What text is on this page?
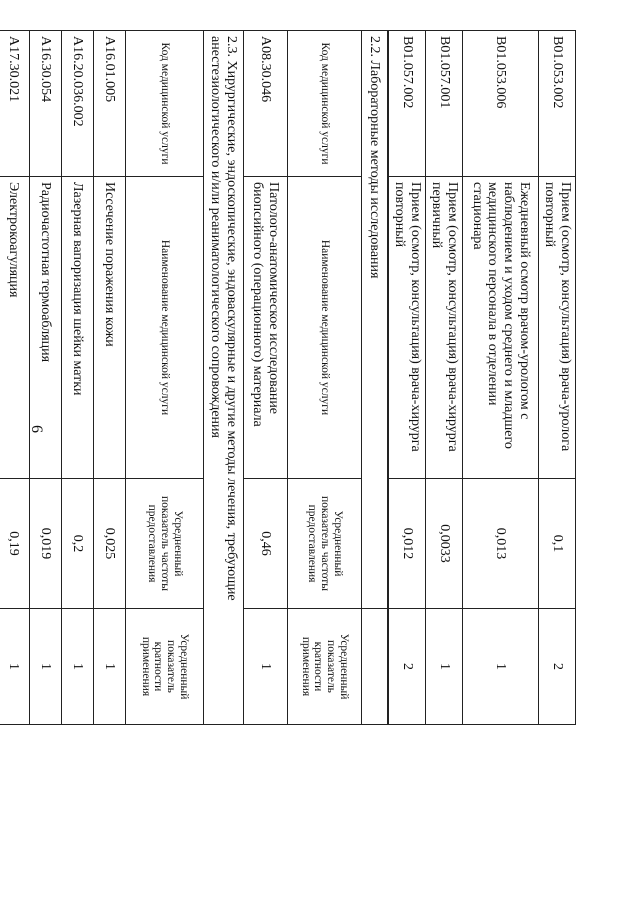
6
B01.053.002	Прием (осмотр, консультация) врача-уролога повторный	0,1	2
B01.053.006	Ежедневный осмотр врачом-урологом с наблюдением и уходом среднего и младшего медицинского персонала в отделении стационара	0,013	1
B01.057.001	Прием (осмотр, консультация) врача-хирурга первичный	0,0033	1
B01.057.002	Прием (осмотр, консультация) врача-хирурга повторный	0,012	2
2.2. Лабораторные методы исследования			
Код медицинской услуги	Наименование медицинской услуги	Усредненный показатель частоты предоставления	Усредненный показатель кратности применения
A08.30.046	Патолого-анатомическое исследование биопсийного (операционного) материала	0,46	1
2.3. Хирургические, эндоскопические, эндоваскулярные и другие методы лечения, требующие анестезиологического и/или реаниматологического сопровождения			
Код медицинской услуги	Наименование медицинской услуги	Усредненный показатель частоты предоставления	Усредненный показатель кратности применения
A16.01.005	Иссечение поражения кожи	0,025	1
A16.20.036.002	Лазерная вапоризация шейки матки	0,2	1
A16.30.054	Радиочастотная термоабляция	0,019	1
A17.30.021	Электрокоагуляция	0,19	1
